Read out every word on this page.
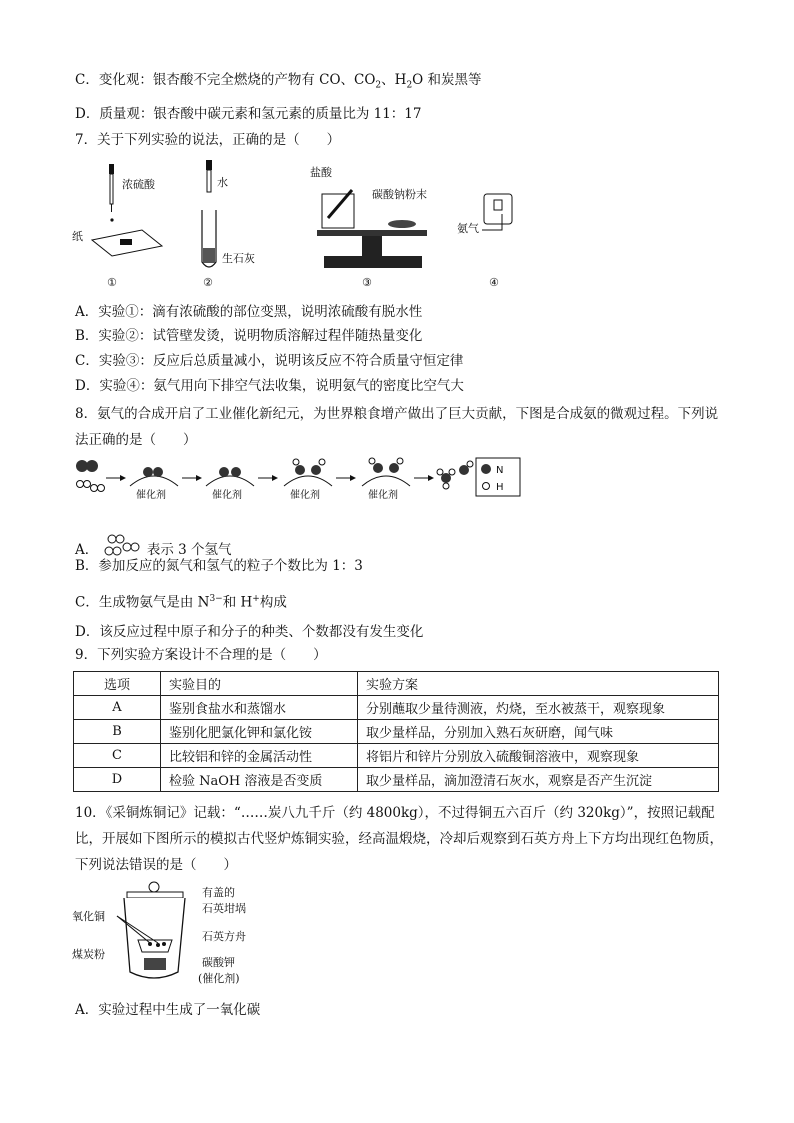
C．变化观：银杏酸不完全燃烧的产物有 CO、$CO_2$、$H_2O$ 和炭黑等
D．质量观：银杏酸中碳元素和氢元素的质量比为 11：17
7．关于下列实验的说法，正确的是（　　）
浓硫酸
纸
①
水
生石灰
②
盐酸
碳酸钠粉末
③
氨气
④
A．实验①：滴有浓硫酸的部位变黑，说明浓硫酸有脱水性
B．实验②：试管壁发烫，说明物质溶解过程伴随热量变化
C．实验③：反应后总质量减小，说明该反应不符合质量守恒定律
D．实验④：氨气用向下排空气法收集，说明氨气的密度比空气大
8．氨气的合成开启了工业催化新纪元，为世界粮食增产做出了巨大贡献，下图是合成氨的微观过程。下列说法正确的是（　　）
催化剂	催化剂	催化剂	催化剂
N
H
A．	表示 3 个氢气
B．参加反应的氮气和氢气的粒子个数比为 1：3
C．生成物氨气是由 $N^{3-}$和 H+构成
D．该反应过程中原子和分子的种类、个数都没有发生变化
9．下列实验方案设计不合理的是（　　）
选项	实验目的	实验方案
A	鉴别食盐水和蒸馏水	分别蘸取少量待测液，灼烧，至水被蒸干，观察现象
B	鉴别化肥氯化钾和氯化铵	取少量样品，分别加入熟石灰研磨，闻气味
C	比较铝和锌的金属活动性	将铝片和锌片分别放入硫酸铜溶液中，观察现象
D	检验 NaOH 溶液是否变质	取少量样品，滴加澄清石灰水，观察是否产生沉淀
10．《采铜炼铜记》记载：“……炭八九千斤（约 4800kg），不过得铜五六百斤（约 320kg）”，按照记载配比，开展如下图所示的模拟古代竖炉炼铜实验，经高温煅烧，冷却后观察到石英方舟上下方均出现红色物质，下列说法错误的是（　　）
氧化铜
煤炭粉
有盖的
石英坩埚
石英方舟
碳酸钾
(催化剂)
A．实验过程中生成了一氧化碳
